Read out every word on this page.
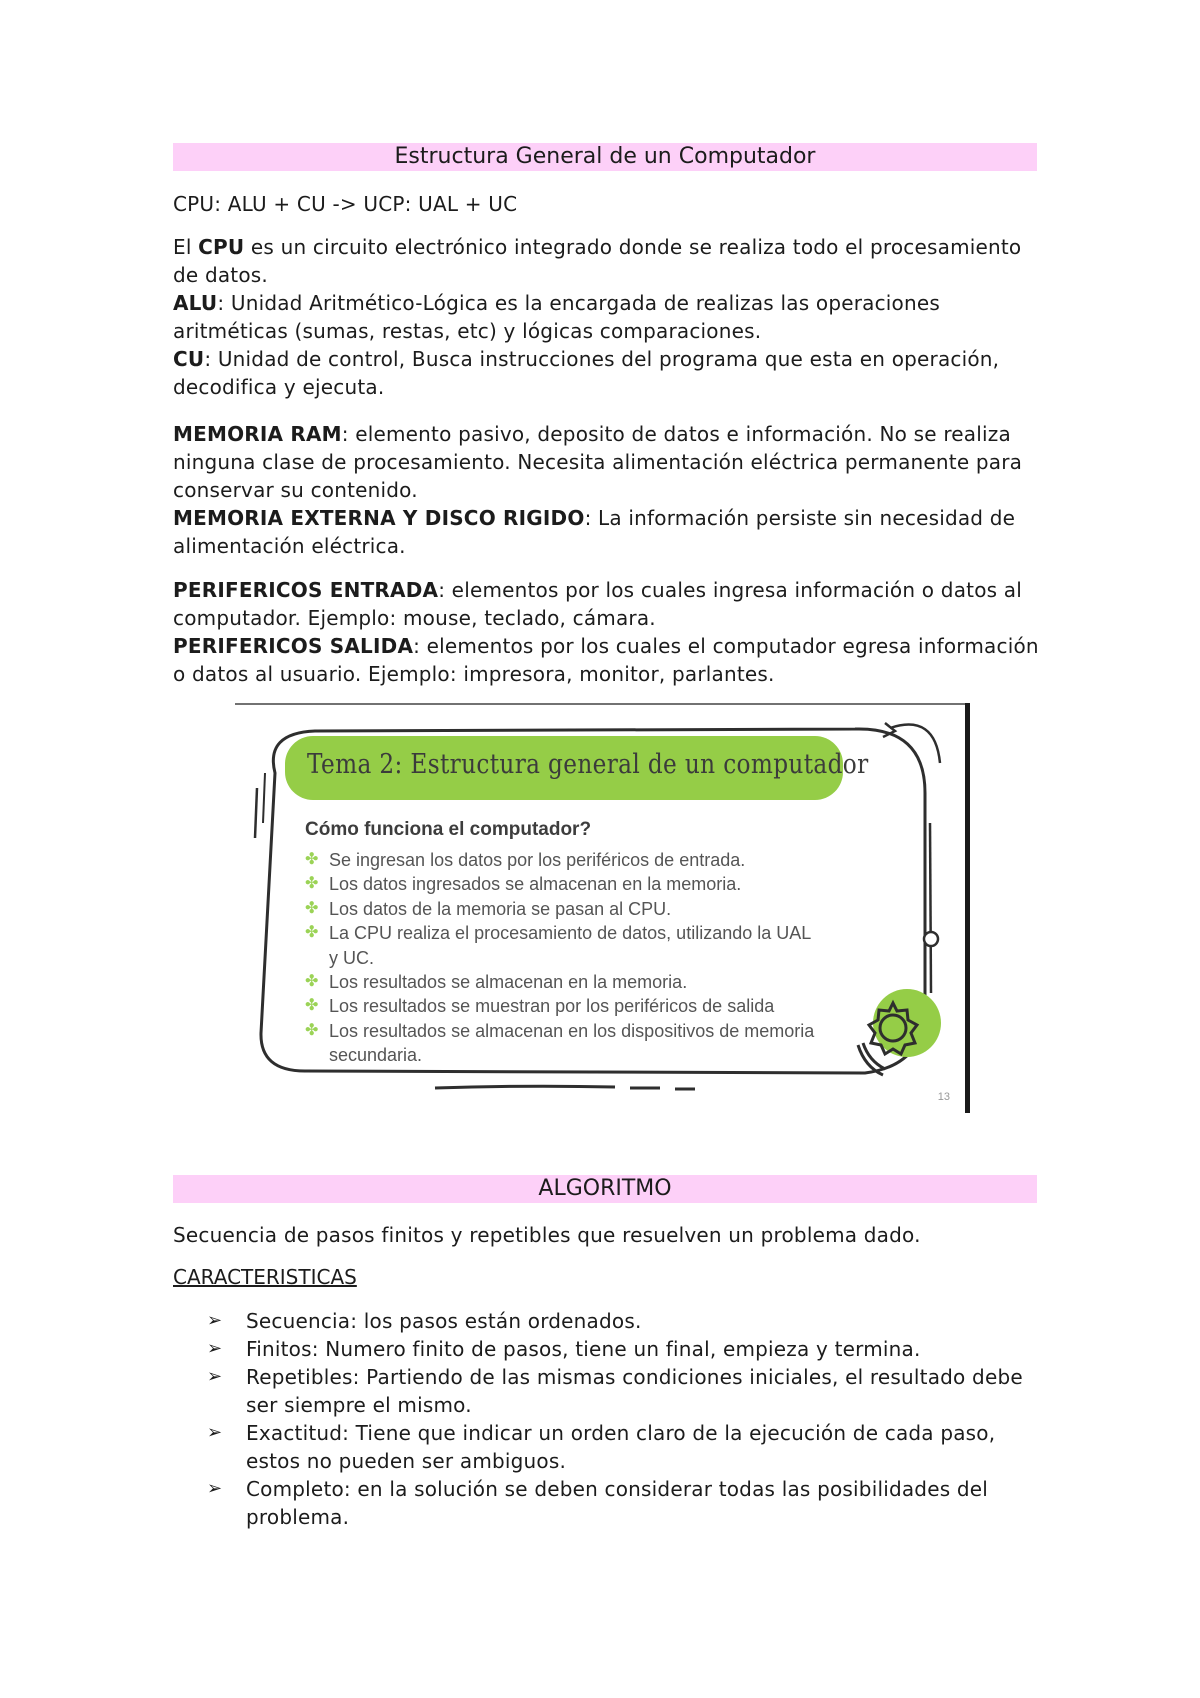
Estructura General de un Computador

CPU: ALU + CU -> UCP: UAL + UC

El CPU es un circuito electrónico integrado donde se realiza todo el procesamiento de datos.
ALU: Unidad Aritmético-Lógica es la encargada de realizas las operaciones aritméticas (sumas, restas, etc) y lógicas comparaciones.
CU: Unidad de control, Busca instrucciones del programa que esta en operación, decodifica y ejecuta.

MEMORIA RAM: elemento pasivo, deposito de datos e información. No se realiza ninguna clase de procesamiento. Necesita alimentación eléctrica permanente para conservar su contenido.
MEMORIA EXTERNA Y DISCO RIGIDO: La información persiste sin necesidad de alimentación eléctrica.

PERIFERICOS ENTRADA: elementos por los cuales ingresa información o datos al computador. Ejemplo: mouse, teclado, cámara.
PERIFERICOS SALIDA: elementos por los cuales el computador egresa información o datos al usuario. Ejemplo: impresora, monitor, parlantes.

Tema 2: Estructura general de un computador
Cómo funciona el computador?
✤ Se ingresan los datos por los periféricos de entrada.
✤ Los datos ingresados se almacenan en la memoria.
✤ Los datos de la memoria se pasan al CPU.
✤ La CPU realiza el procesamiento de datos, utilizando la UAL y UC.
✤ Los resultados se almacenan en la memoria.
✤ Los resultados se muestran por los periféricos de salida
✤ Los resultados se almacenan en los dispositivos de memoria secundaria.
13
ALGORITMO

Secuencia de pasos finitos y repetibles que resuelven un problema dado.

CARACTERISTICAS
➢ Secuencia: los pasos están ordenados.
➢ Finitos: Numero finito de pasos, tiene un final, empieza y termina.
➢ Repetibles: Partiendo de las mismas condiciones iniciales, el resultado debe ser siempre el mismo.
➢ Exactitud: Tiene que indicar un orden claro de la ejecución de cada paso, estos no pueden ser ambiguos.
➢ Completo: en la solución se deben considerar todas las posibilidades del problema.
